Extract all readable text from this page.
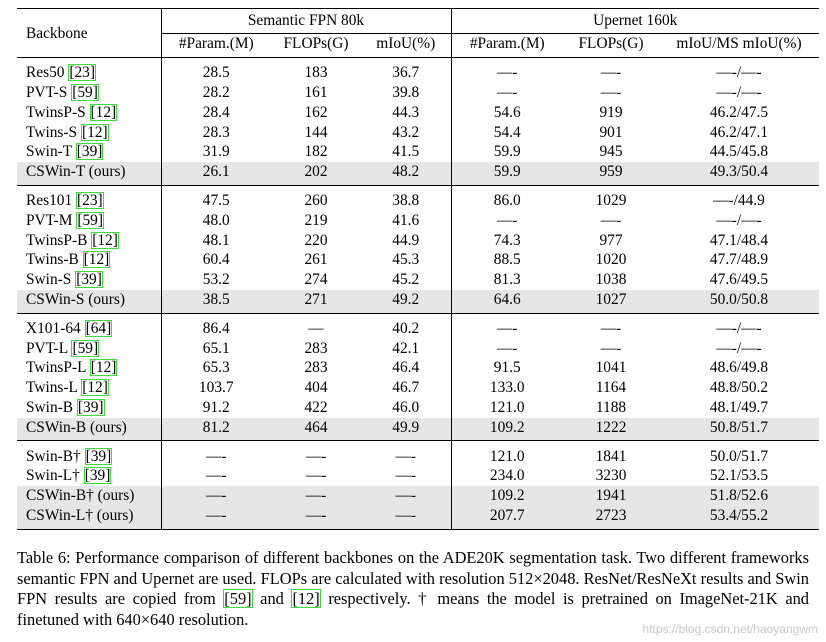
Backbone	Semantic FPN 80k			Upernet 160k		
	#Param.(M)	FLOPs(G)	mIoU(%)	#Param.(M)	FLOPs(G)	mIoU/MS mIoU(%)
Res50 [23]	28.5	183	36.7	—-	—-	—-/—-
PVT-S [59]	28.2	161	39.8	—-	—-	—-/—-
TwinsP-S [12]	28.4	162	44.3	54.6	919	46.2/47.5
Twins-S [12]	28.3	144	43.2	54.4	901	46.2/47.1
Swin-T [39]	31.9	182	41.5	59.9	945	44.5/45.8
CSWin-T (ours)	26.1	202	48.2	59.9	959	49.3/50.4
Res101 [23]	47.5	260	38.8	86.0	1029	—-/44.9
PVT-M [59]	48.0	219	41.6	—-	—-	—-/—-
TwinsP-B [12]	48.1	220	44.9	74.3	977	47.1/48.4
Twins-B [12]	60.4	261	45.3	88.5	1020	47.7/48.9
Swin-S [39]	53.2	274	45.2	81.3	1038	47.6/49.5
CSWin-S (ours)	38.5	271	49.2	64.6	1027	50.0/50.8
X101-64 [64]	86.4	—	40.2	—-	—-	—-/—-
PVT-L [59]	65.1	283	42.1	—-	—-	—-/—-
TwinsP-L [12]	65.3	283	46.4	91.5	1041	48.6/49.8
Twins-L [12]	103.7	404	46.7	133.0	1164	48.8/50.2
Swin-B [39]	91.2	422	46.0	121.0	1188	48.1/49.7
CSWin-B (ours)	81.2	464	49.9	109.2	1222	50.8/51.7
Swin-B† [39]	—-	—-	—-	121.0	1841	50.0/51.7
Swin-L† [39]	—-	—-	—-	234.0	3230	52.1/53.5
CSWin-B† (ours)	—-	—-	—-	109.2	1941	51.8/52.6
CSWin-L† (ours)	—-	—-	—-	207.7	2723	53.4/55.2

Table 6: Performance comparison of different backbones on the ADE20K segmentation task. Two different frameworks semantic FPN and Upernet are used. FLOPs are calculated with resolution 512×2048. ResNet/ResNeXt results and Swin FPN results are copied from [59] and [12] respectively. † means the model is pretrained on ImageNet-21K and finetuned with 640×640 resolution.

https://blog.csdn.net/haoyangwm
